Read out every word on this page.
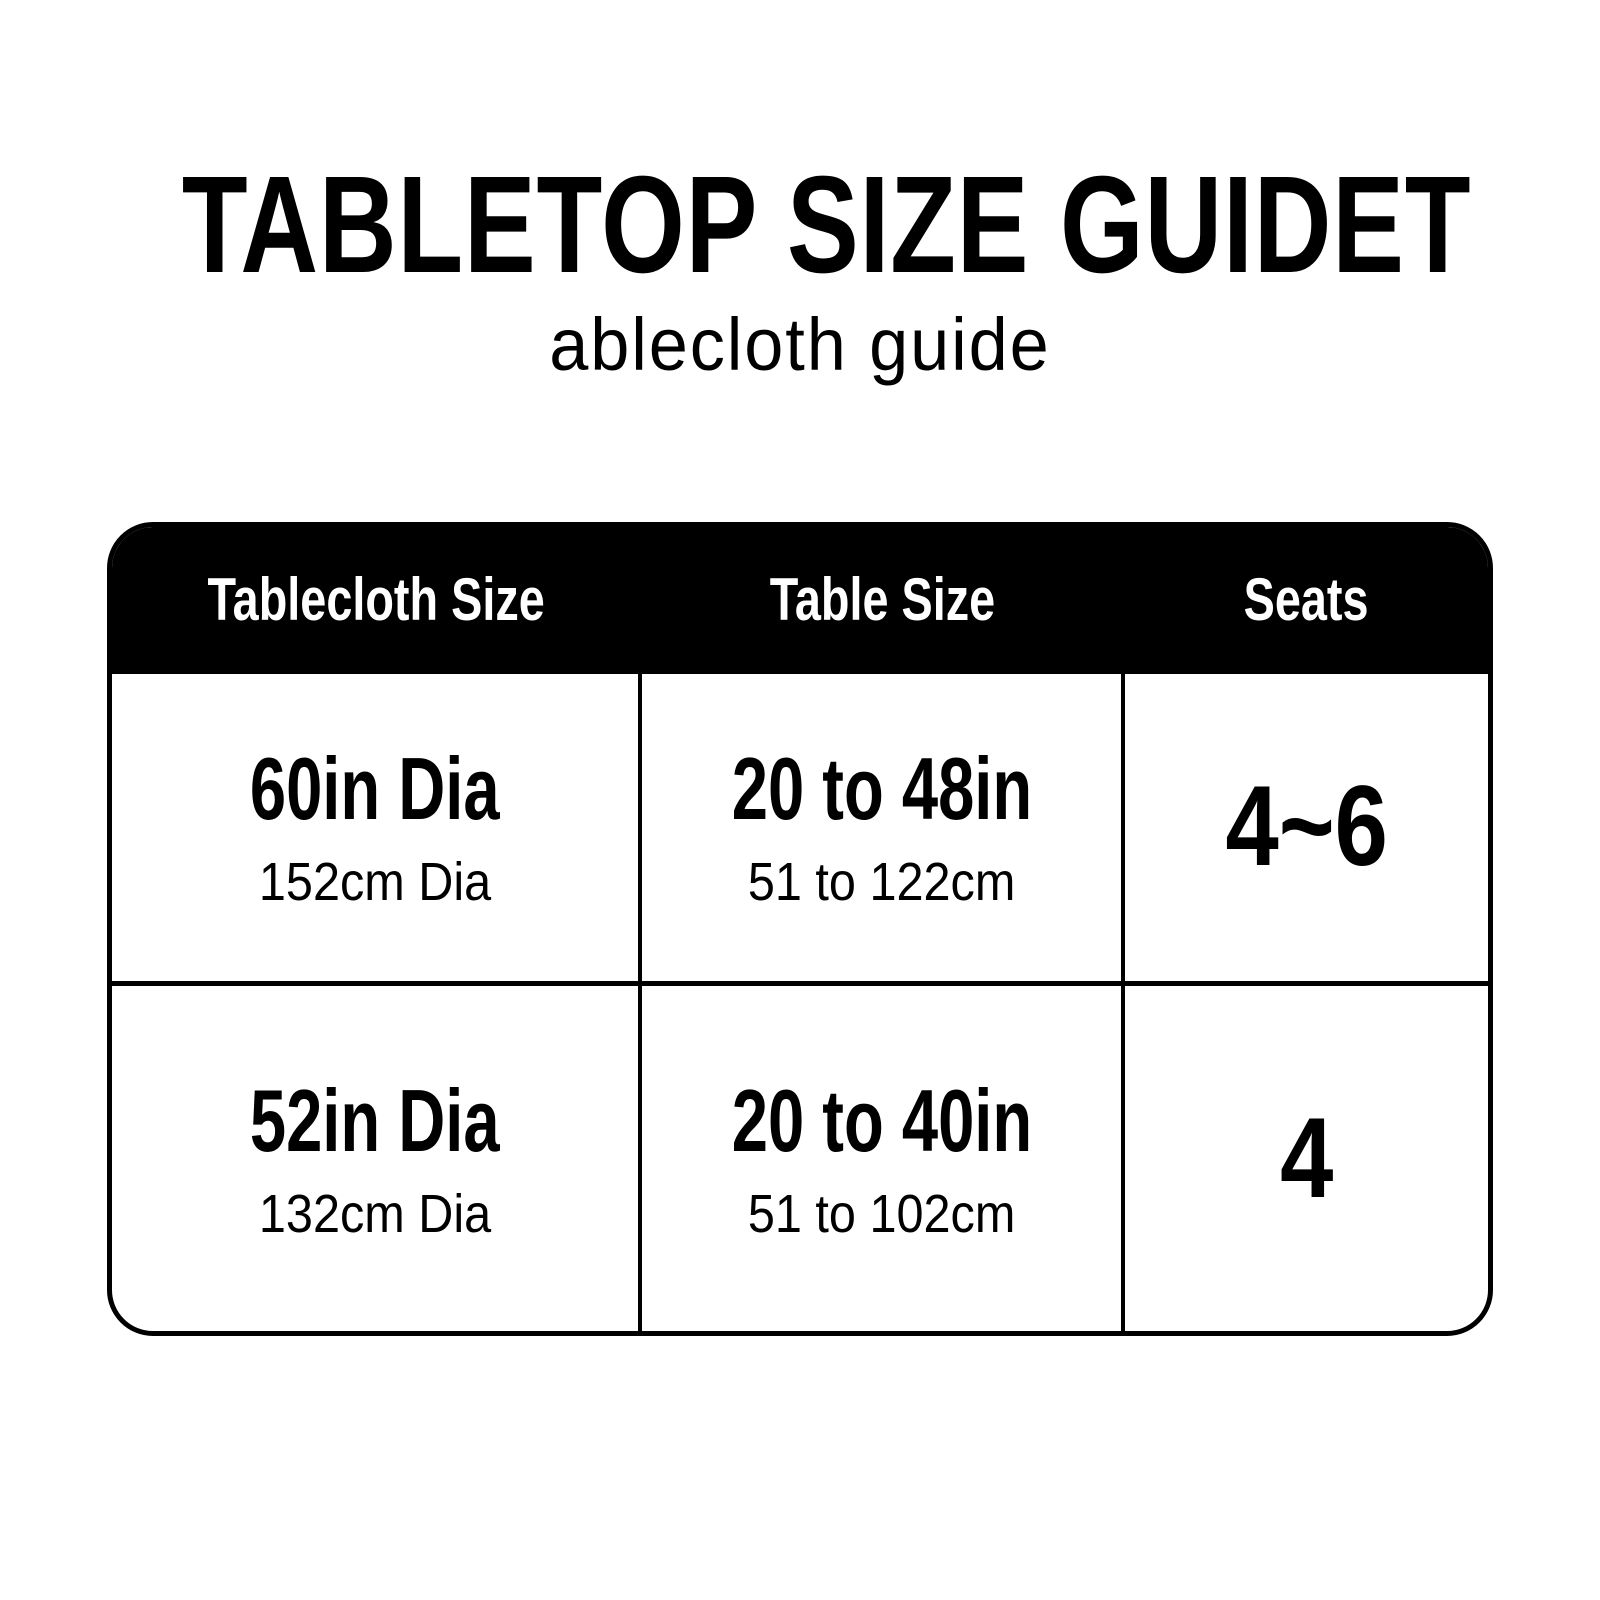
TABLETOP SIZE GUIDET
ablecloth guide
Tablecloth Size	Table Size	Seats
60in Dia
152cm Dia
20 to 48in
51 to 122cm 4~6
52in Dia
132cm Dia
20 to 40in
51 to 102cm 4
